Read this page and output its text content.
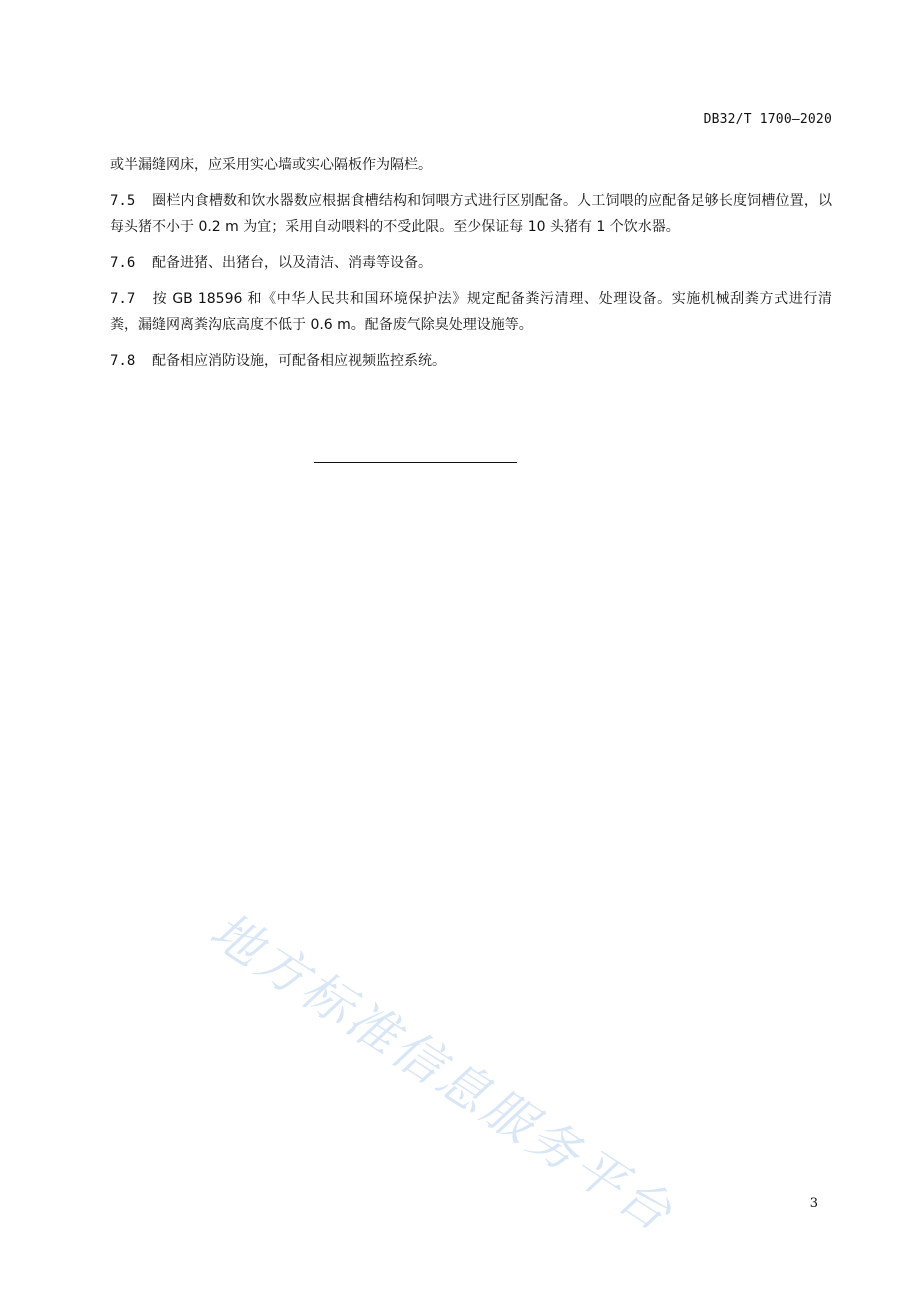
DB32/T 1700—2020

或半漏缝网床，应采用实心墙或实心隔板作为隔栏。

7.5 圈栏内食槽数和饮水器数应根据食槽结构和饲喂方式进行区别配备。人工饲喂的应配备足够长度饲槽位置，以每头猪不小于 0.2 m 为宜；采用自动喂料的不受此限。至少保证每 10 头猪有 1 个饮水器。

7.6 配备进猪、出猪台，以及清洁、消毒等设备。

7.7 按 GB 18596 和《中华人民共和国环境保护法》规定配备粪污清理、处理设备。实施机械刮粪方式进行清粪，漏缝网离粪沟底高度不低于 0.6 m。配备废气除臭处理设施等。

7.8 配备相应消防设施，可配备相应视频监控系统。

地方标准信息服务平台	3
